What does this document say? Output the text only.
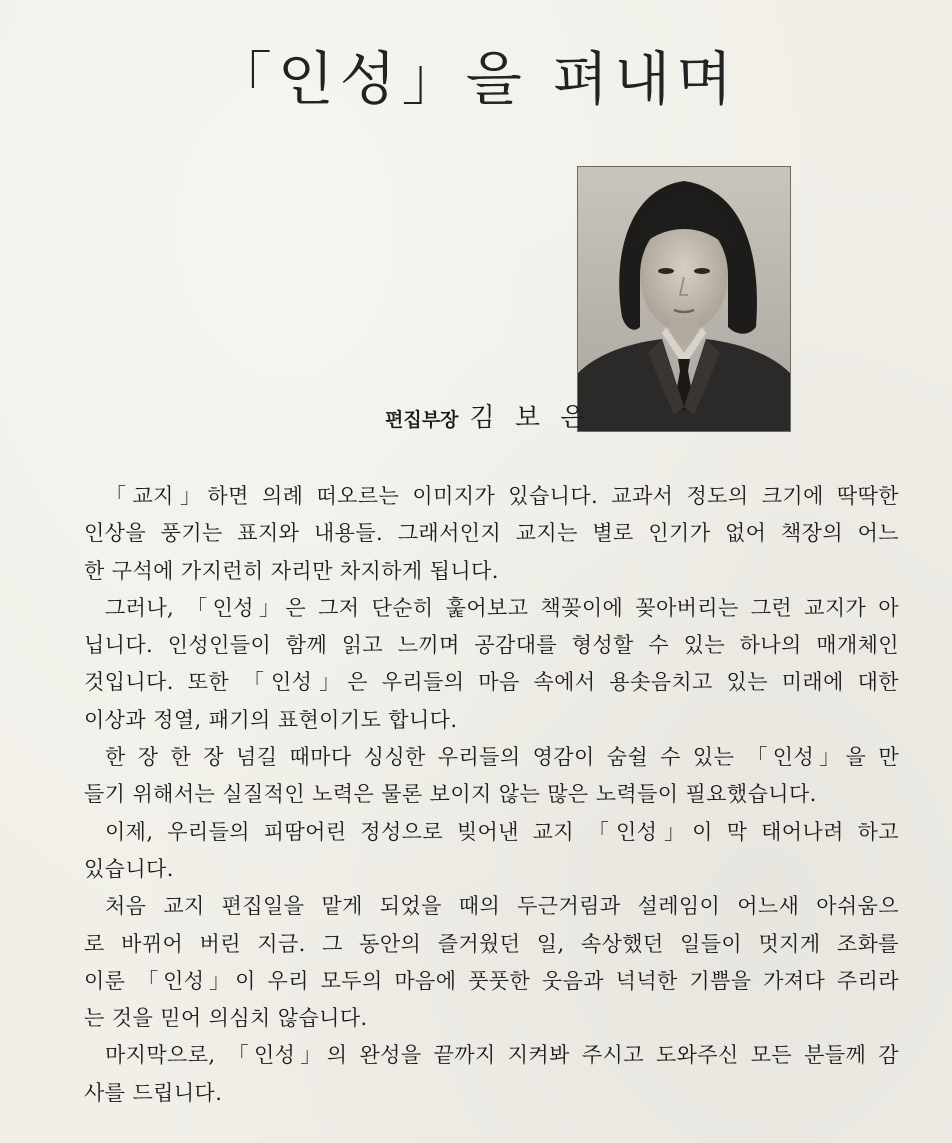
「인성」을 펴내며
편집부장 김 보 은
「교지」하면 의례 떠오르는 이미지가 있습니다. 교과서 정도의 크기에 딱딱한
인상을 풍기는 표지와 내용들. 그래서인지 교지는 별로 인기가 없어 책장의 어느
한 구석에 가지런히 자리만 차지하게 됩니다.
그러나, 「인성」은 그저 단순히 훑어보고 책꽂이에 꽂아버리는 그런 교지가 아
닙니다. 인성인들이 함께 읽고 느끼며 공감대를 형성할 수 있는 하나의 매개체인
것입니다. 또한 「인성」은 우리들의 마음 속에서 용솟음치고 있는 미래에 대한
이상과 정열, 패기의 표현이기도 합니다.
한 장 한 장 넘길 때마다 싱싱한 우리들의 영감이 숨쉴 수 있는 「인성」을 만
들기 위해서는 실질적인 노력은 물론 보이지 않는 많은 노력들이 필요했습니다.
이제, 우리들의 피땀어린 정성으로 빚어낸 교지 「인성」이 막 태어나려 하고
있습니다.
처음 교지 편집일을 맡게 되었을 때의 두근거림과 설레임이 어느새 아쉬움으
로 바뀌어 버린 지금. 그 동안의 즐거웠던 일, 속상했던 일들이 멋지게 조화를
이룬 「인성」이 우리 모두의 마음에 풋풋한 웃음과 넉넉한 기쁨을 가져다 주리라
는 것을 믿어 의심치 않습니다.
마지막으로, 「인성」의 완성을 끝까지 지켜봐 주시고 도와주신 모든 분들께 감
사를 드립니다.
